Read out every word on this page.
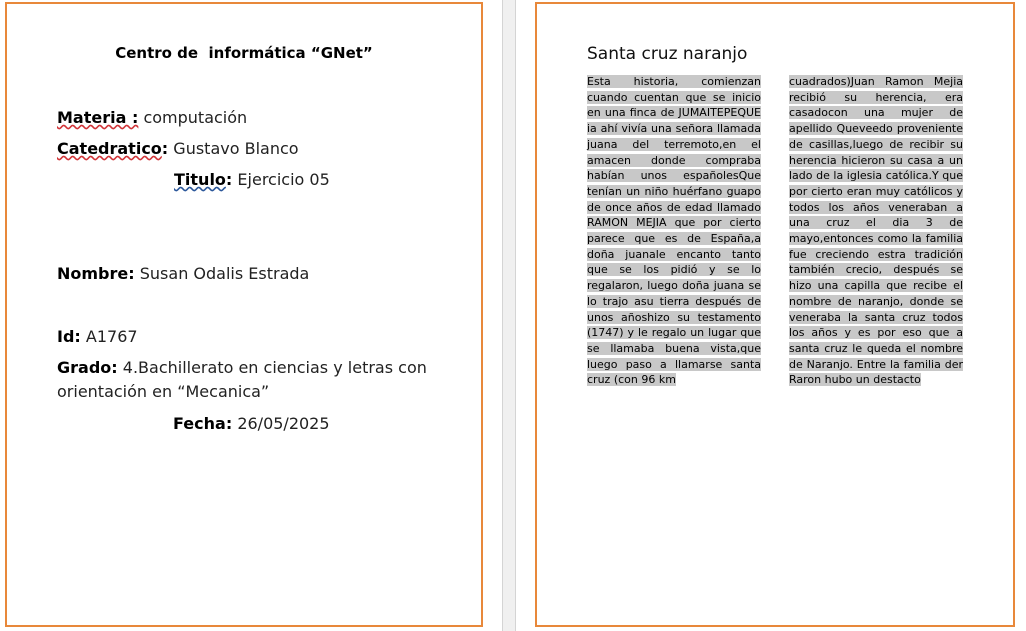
Centro de  informática “GNet”
Materia : computación
Catedratico: Gustavo Blanco
Titulo: Ejercicio 05
Nombre: Susan Odalis Estrada
Id: A1767
Grado: 4.Bachillerato en ciencias y letras con
orientación en “Mecanica”
Fecha: 26/05/2025
Santa cruz naranjo
Esta historia, comienzan cuando cuentan que se inicio en una finca de JUMAITEPEQUE ia ahí vivía una señora llamada juana del terremoto,en el amacen donde compraba habían unos españolesQue tenían un niño huérfano guapo de once años de edad llamado RAMON MEJIA que por cierto parece que es de España,a doña juanale encanto tanto que se los pidió y se lo regalaron, luego doña juana se lo trajo asu tierra después de unos añoshizo su testamento (1747) y le regalo un lugar que se llamaba buena vista,que luego paso a llamarse santa cruz (con 96 km
cuadrados)Juan Ramon Mejia recibió su herencia, era casadocon una mujer de apellido Queveedo proveniente de casillas,luego de recibir su herencia hicieron su casa a un lado de la iglesia católica.Y que por cierto eran muy católicos y todos los años veneraban a una cruz el dia 3 de mayo,entonces como la familia fue creciendo estra tradición también crecio, después se hizo una capilla que recibe el nombre de naranjo, donde se veneraba la santa cruz todos los años y es por eso que a santa cruz le queda el nombre de Naranjo. Entre la familia der Raron hubo un destacto
